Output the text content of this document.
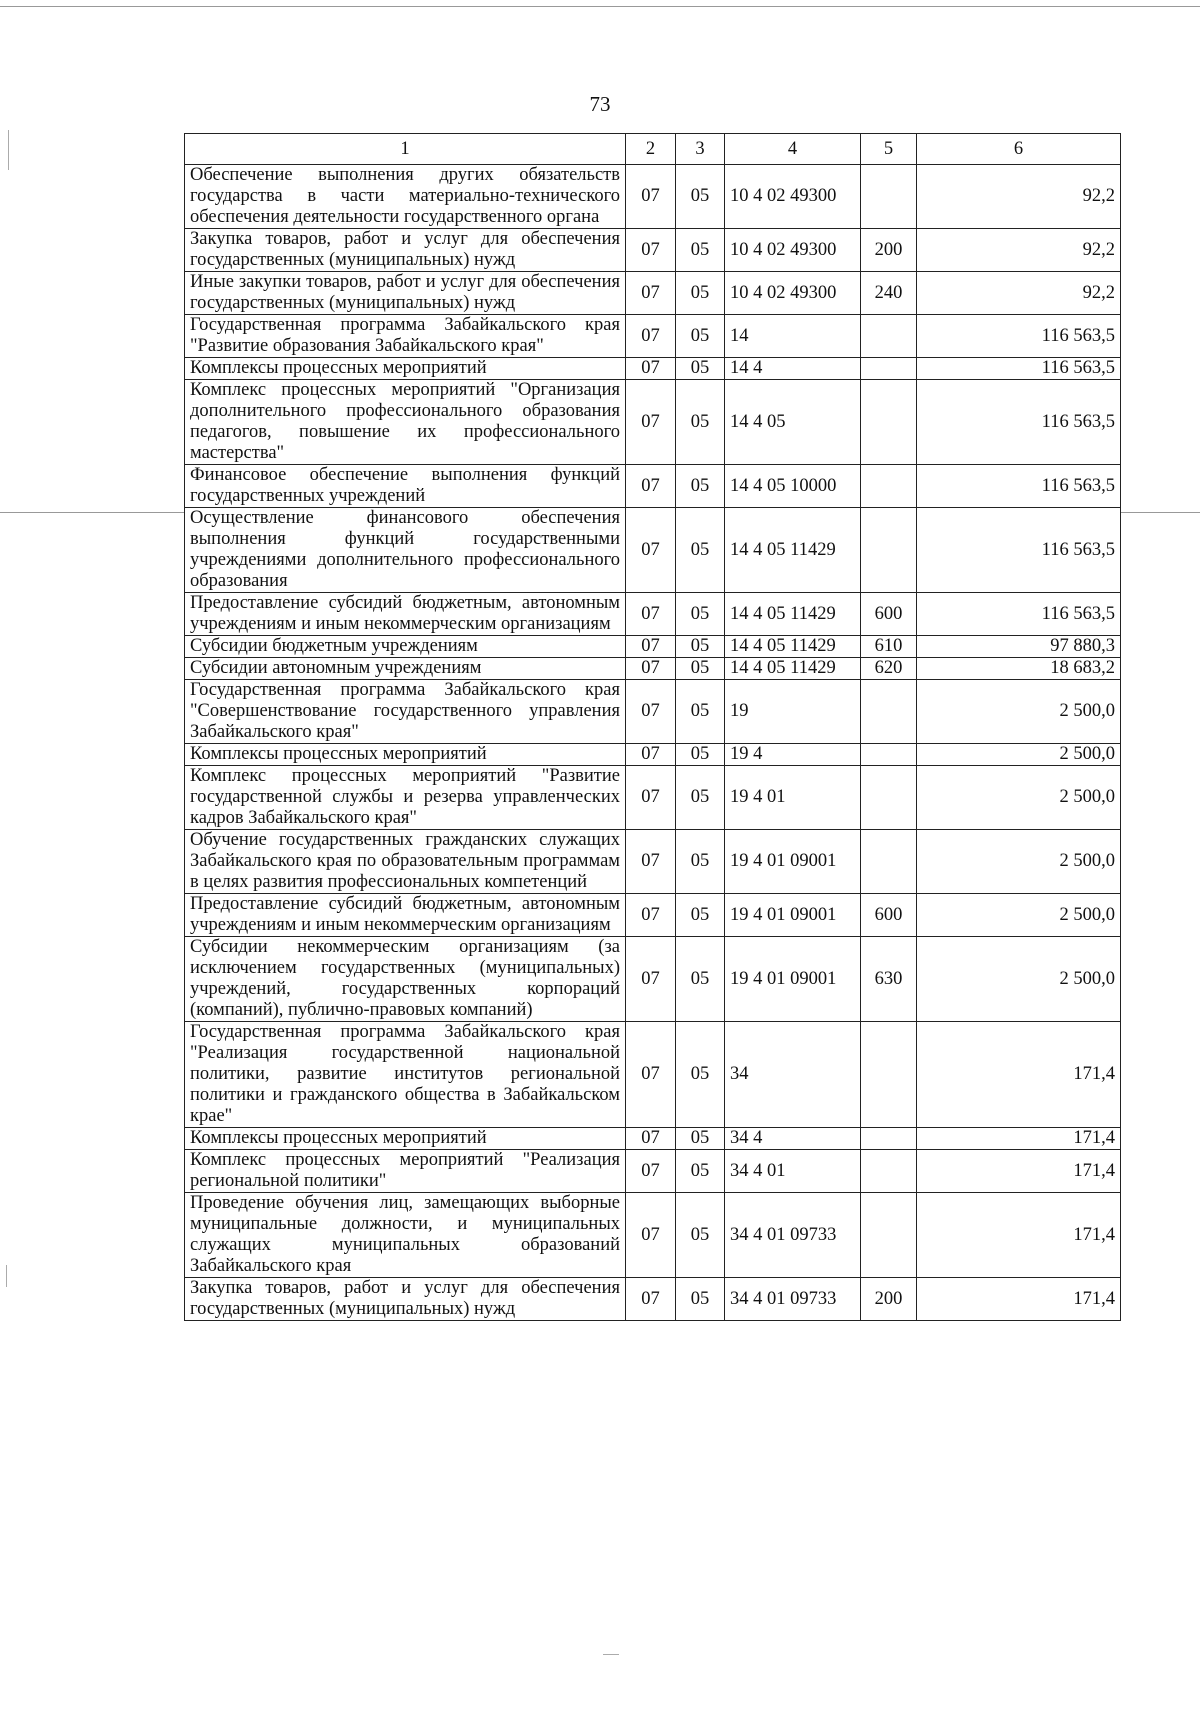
73
1	2	3	4	5	6
Обеспечение выполнения других обязательств государства в части материально-технического обеспечения деятельности государственного органа	07	05	10 4 02 49300		92,2
Закупка товаров, работ и услуг для обеспечения государственных (муниципальных) нужд	07	05	10 4 02 49300	200	92,2
Иные закупки товаров, работ и услуг для обеспечения государственных (муниципальных) нужд	07	05	10 4 02 49300	240	92,2
Государственная программа Забайкальского края "Развитие образования Забайкальского края"	07	05	14		116 563,5
Комплексы процессных мероприятий	07	05	14 4		116 563,5
Комплекс процессных мероприятий "Организация дополнительного профессионального образования педагогов, повышение их профессионального мастерства"	07	05	14 4 05		116 563,5
Финансовое обеспечение выполнения функций государственных учреждений	07	05	14 4 05 10000		116 563,5
Осуществление финансового обеспечения выполнения функций государственными учреждениями дополнительного профессионального образования	07	05	14 4 05 11429		116 563,5
Предоставление субсидий бюджетным, автономным учреждениям и иным некоммерческим организациям	07	05	14 4 05 11429	600	116 563,5
Субсидии бюджетным учреждениям	07	05	14 4 05 11429	610	97 880,3
Субсидии автономным учреждениям	07	05	14 4 05 11429	620	18 683,2
Государственная программа Забайкальского края "Совершенствование государственного управления Забайкальского края"	07	05	19		2 500,0
Комплексы процессных мероприятий	07	05	19 4		2 500,0
Комплекс процессных мероприятий "Развитие государственной службы и резерва управленческих кадров Забайкальского края"	07	05	19 4 01		2 500,0
Обучение государственных гражданских служащих Забайкальского края по образовательным программам в целях развития профессиональных компетенций	07	05	19 4 01 09001		2 500,0
Предоставление субсидий бюджетным, автономным учреждениям и иным некоммерческим организациям	07	05	19 4 01 09001	600	2 500,0
Субсидии некоммерческим организациям (за исключением государственных (муниципальных) учреждений, государственных корпораций (компаний), публично-правовых компаний)	07	05	19 4 01 09001	630	2 500,0
Государственная программа Забайкальского края "Реализация государственной национальной политики, развитие институтов региональной политики и гражданского общества в Забайкальском крае"	07	05	34		171,4
Комплексы процессных мероприятий	07	05	34 4		171,4
Комплекс процессных мероприятий "Реализация региональной политики"	07	05	34 4 01		171,4
Проведение обучения лиц, замещающих выборные муниципальные должности, и муниципальных служащих муниципальных образований Забайкальского края	07	05	34 4 01 09733		171,4
Закупка товаров, работ и услуг для обеспечения государственных (муниципальных) нужд	07	05	34 4 01 09733	200	171,4
